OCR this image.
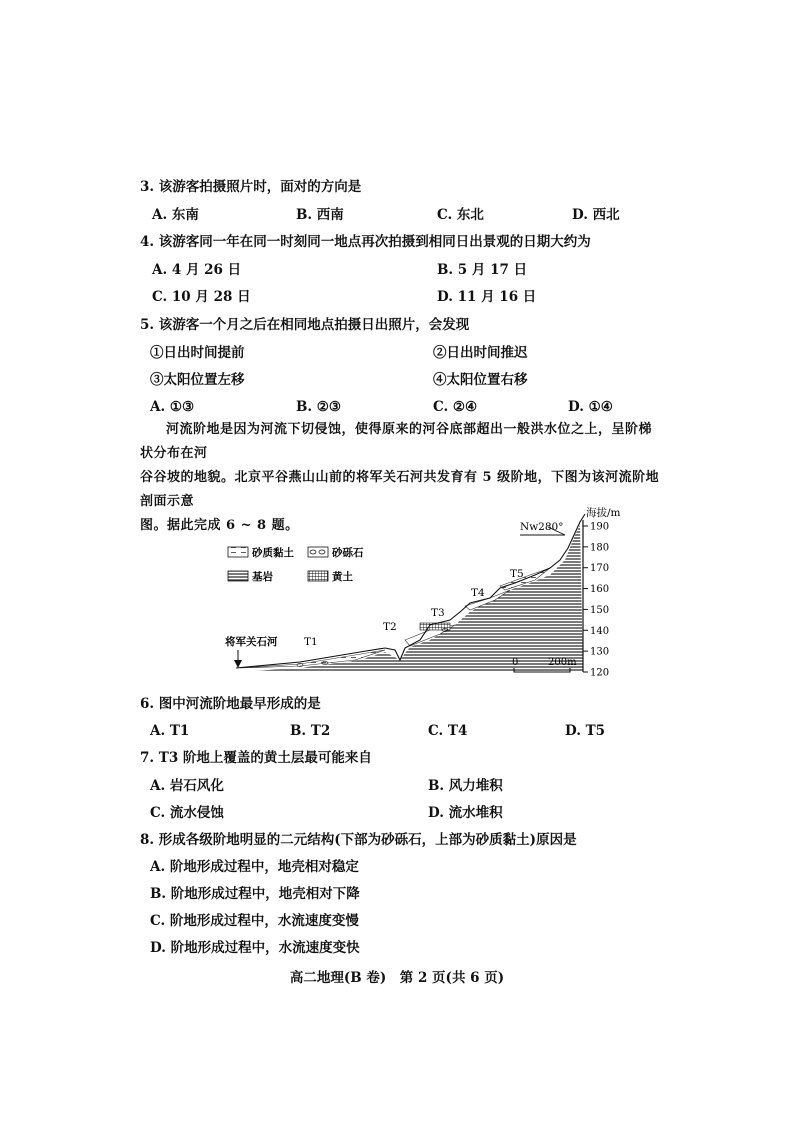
3. 该游客拍摄照片时，面对的方向是
A. 东南	B. 西南	C. 东北	D. 西北
4. 该游客同一年在同一时刻同一地点再次拍摄到相同日出景观的日期大约为
A. 4 月 26 日	B. 5 月 17 日
C. 10 月 28 日	D. 11 月 16 日
5. 该游客一个月之后在相同地点拍摄日出照片，会发现
①日出时间提前	②日出时间推迟
③太阳位置左移	④太阳位置右移
A. ①③	B. ②③	C. ②④	D. ①④
河流阶地是因为河流下切侵蚀，使得原来的河谷底部超出一般洪水位之上，呈阶梯状分布在河
谷谷坡的地貌。北京平谷燕山山前的将军关石河共发育有 5 级阶地，下图为该河流阶地剖面示意
图。据此完成 6 ~ 8 题。
砂质黏土	砂砾石
基岩	黄土
T1
T2
T3
T4
T5
将军关石河
Nw280°
0	200m
海拔/m
190
180
170
160
150
140
130
120
6. 图中河流阶地最早形成的是
A. T1	B. T2	C. T4	D. T5
7. T3 阶地上覆盖的黄土层最可能来自
A. 岩石风化	B. 风力堆积
C. 流水侵蚀	D. 流水堆积
8. 形成各级阶地明显的二元结构(下部为砂砾石，上部为砂质黏土)原因是
A. 阶地形成过程中，地壳相对稳定
B. 阶地形成过程中，地壳相对下降
C. 阶地形成过程中，水流速度变慢
D. 阶地形成过程中，水流速度变快
高二地理(B 卷)　第 2 页(共 6 页)
